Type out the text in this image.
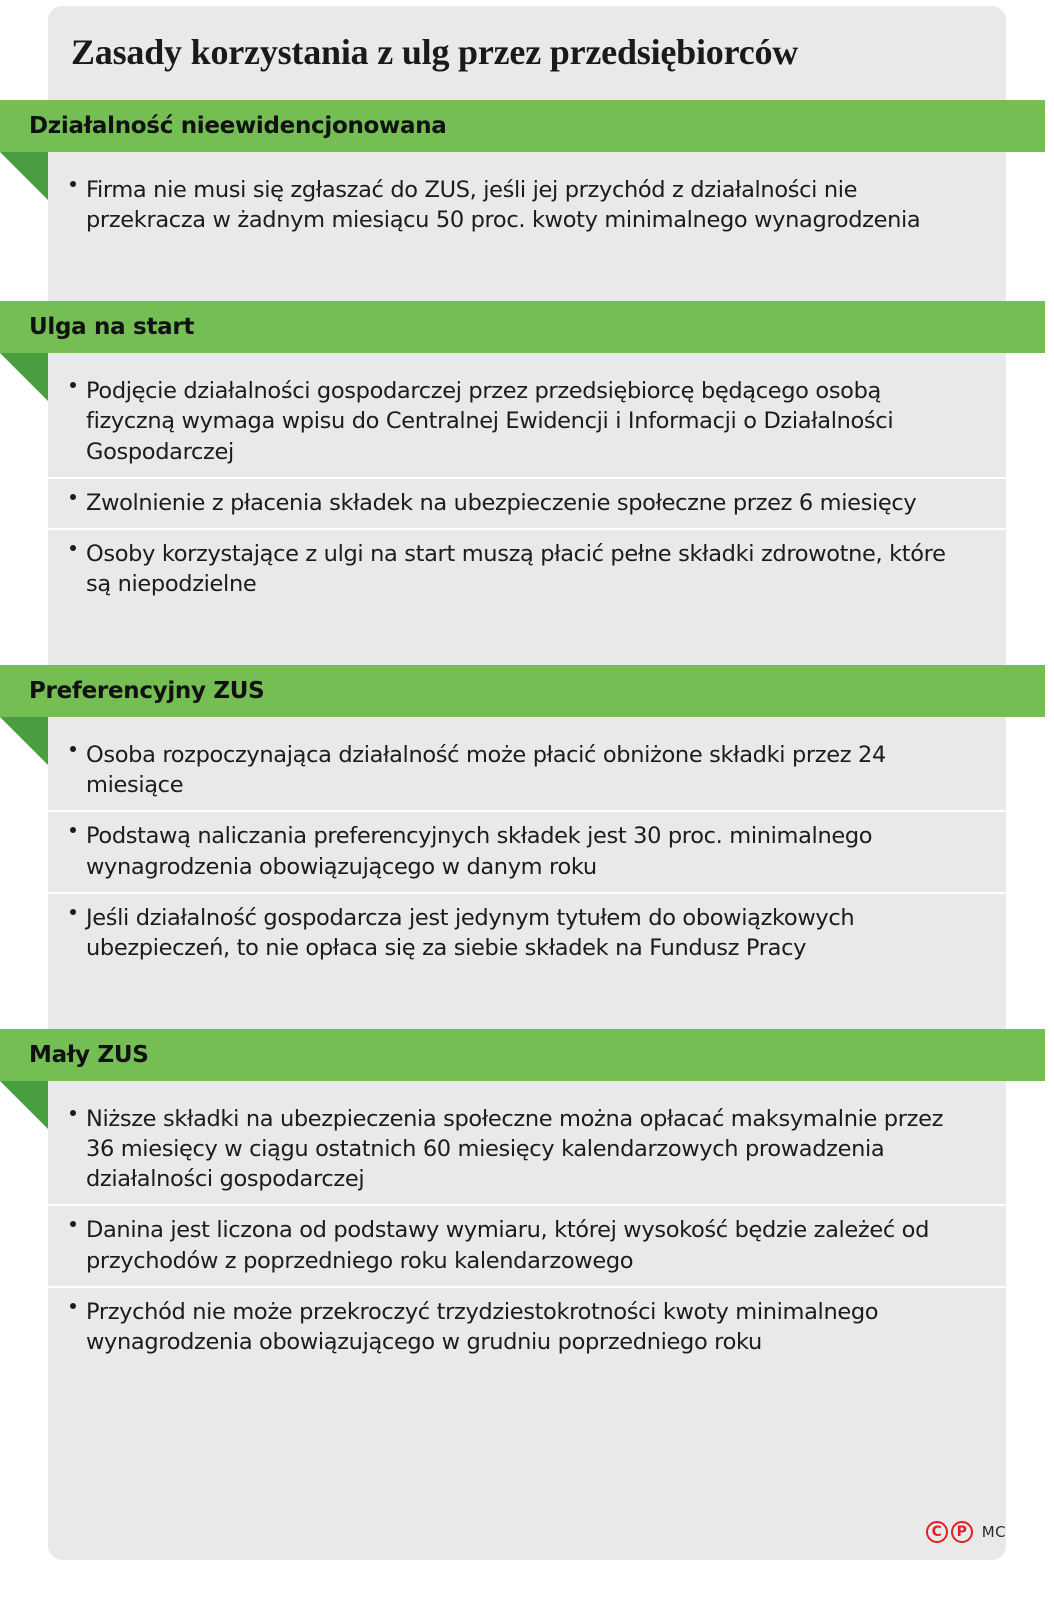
Zasady korzystania z ulg przez przedsiębiorców
Działalność nieewidencjonowana
Firma nie musi się zgłaszać do ZUS, jeśli jej przychód z działalności nie przekracza w żadnym miesiącu 50 proc. kwoty minimalnego wynagrodzenia
Ulga na start
Podjęcie działalności gospodarczej przez przedsiębiorcę będącego osobą fizyczną wymaga wpisu do Centralnej Ewidencji i Informacji o Działalności Gospodarczej
Zwolnienie z płacenia składek na ubezpieczenie społeczne przez 6 miesięcy
Osoby korzystające z ulgi na start muszą płacić pełne składki zdrowotne, które są niepodzielne
Preferencyjny ZUS
Osoba rozpoczynająca działalność może płacić obniżone składki przez 24 miesiące
Podstawą naliczania preferencyjnych składek jest 30 proc. minimalnego wynagrodzenia obowiązującego w danym roku
Jeśli działalność gospodarcza jest jedynym tytułem do obowiązkowych ubezpieczeń, to nie opłaca się za siebie składek na Fundusz Pracy
Mały ZUS
Niższe składki na ubezpieczenia społeczne można opłacać maksymalnie przez 36 miesięcy w ciągu ostatnich 60 miesięcy kalendarzowych prowadzenia działalności gospodarczej
Danina jest liczona od podstawy wymiaru, której wysokość będzie zależeć od przychodów z poprzedniego roku kalendarzowego
Przychód nie może przekroczyć trzydziestokrotności kwoty minimalnego wynagrodzenia obowiązującego w grudniu poprzedniego roku
C	P MC
